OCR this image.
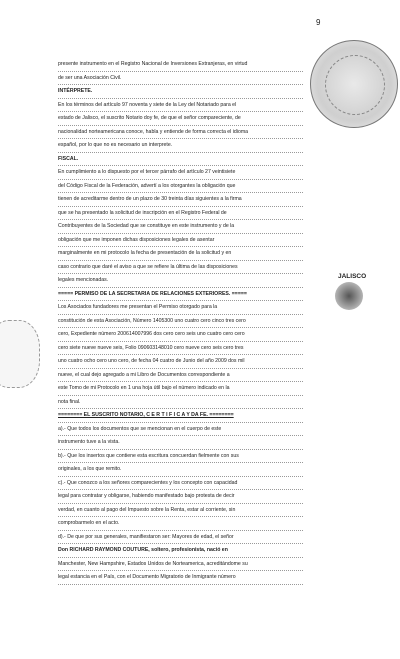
9
JALISCO
presente instrumento en el Registro Nacional de Inversiones Extranjeras, en virtud
de ser una Asociación Civil.
INTÉRPRETE.
En los términos del artículo 97 noventa y siete de la Ley del Notariado para el
estado de Jalisco, el suscrito Notario doy fe, de que el señor compareciente, de
nacionalidad norteamericana conoce, habla y entiende de forma correcta el idioma
español, por lo que no es necesario un interprete.
FISCAL.
En cumplimiento a lo dispuesto por el tercer párrafo del artículo 27 veintisiete
del Código Fiscal de la Federación, advertí a los otorgantes la obligación que
tienen de acreditarme dentro de un plazo de 30 treinta días siguientes a la firma
que se ha presentado la solicitud de inscripción en el Registro Federal de
Contribuyentes de la Sociedad que se constituye en este instrumento y de la
obligación que me imponen dichas disposiciones legales de asentar
marginalmente en mi protocolo la fecha de presentación de la solicitud y en
caso contrario que daré el aviso a que se refiere la última de las disposiciones
legales mencionadas.
===== PERMISO DE LA SECRETARIA DE RELACIONES EXTERIORES. =====
Los Asociados fundadores me presentan el Permiso otorgado para la
constitución de esta Asociación, Número 1405300 uno cuatro cero cinco tres cero
cero, Expediente número 200614007996 dos cero cero seis uno cuatro cero cero
cero siete nueve nueve seis, Folio 090603148010 cero nueve cero seis cero tres
uno cuatro ocho cero uno cero, de fecha 04 cuatro de Junio del año 2009 dos mil
nueve, el cual dejo agregado a mi Libro de Documentos correspondiente a
este Tomo de mi Protocolo en 1 una hoja útil bajo el número indicado en la
nota final.
======== EL SUSCRITO NOTARIO, C E R T I F I C A Y DA FE. ========
a).- Que todos los documentos que se mencionan en el cuerpo de este
instrumento tuve a la vista.
b).- Que los insertos que contiene esta escritura concuerdan fielmente con sus
originales, a los que remito.
c).- Que conozco a los señores comparecientes y los concepto con capacidad
legal para contratar y obligarse, habiendo manifestado bajo protesta de decir
verdad, en cuanto al pago del Impuesto sobre la Renta, estar al corriente, sin
comprobarmelo en el acto.
d).- De que por sus generales, manifiestaron ser: Mayores de edad, el señor
Don RICHARD RAYMOND COUTURE, soltero, profesionista, nació en
Manchester, New Hampshire, Estados Unidos de Norteamerica, acreditándome su
legal estancia en el País, con el Documento Migratorio de Inmigrante número
